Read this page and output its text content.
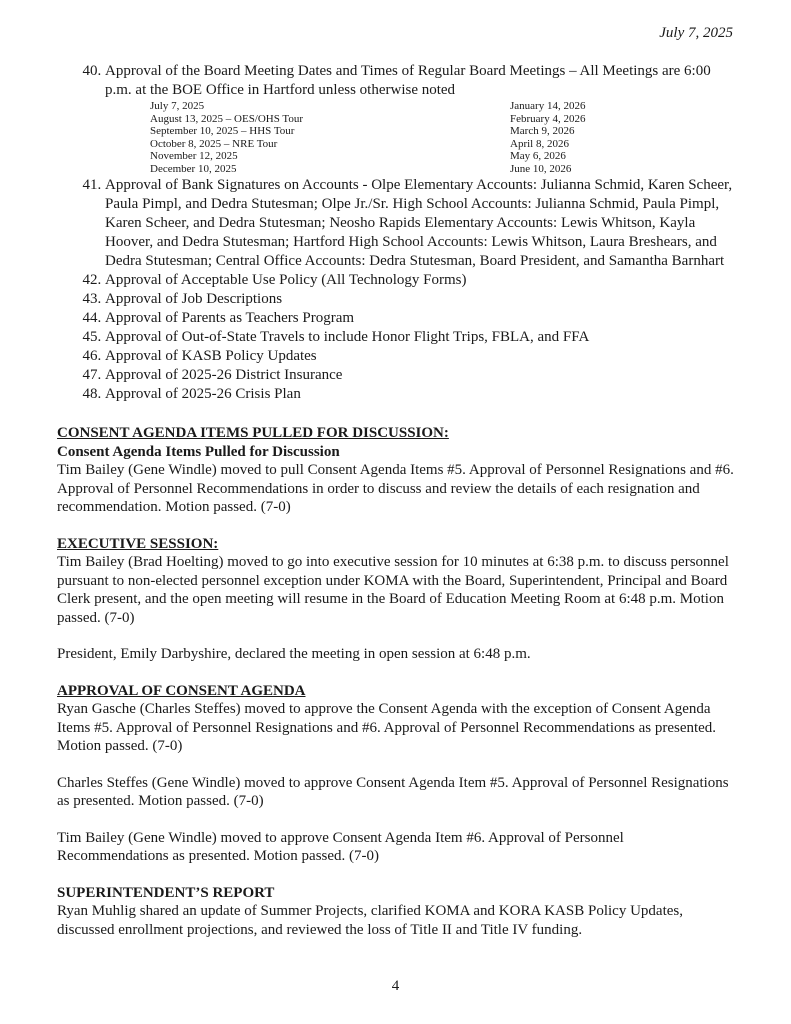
July 7, 2025
40. Approval of the Board Meeting Dates and Times of Regular Board Meetings – All Meetings are 6:00 p.m. at the BOE Office in Hartford unless otherwise noted
July 7, 2025
August 13, 2025 – OES/OHS Tour
September 10, 2025 – HHS Tour
October 8, 2025 – NRE Tour
November 12, 2025
December 10, 2025
January 14, 2026
February 4, 2026
March 9, 2026
April 8, 2026
May 6, 2026
June 10, 2026
41. Approval of Bank Signatures on Accounts - Olpe Elementary Accounts: Julianna Schmid, Karen Scheer, Paula Pimpl, and Dedra Stutesman; Olpe Jr./Sr. High School Accounts: Julianna Schmid, Paula Pimpl, Karen Scheer, and Dedra Stutesman; Neosho Rapids Elementary Accounts: Lewis Whitson, Kayla Hoover, and Dedra Stutesman; Hartford High School Accounts: Lewis Whitson, Laura Breshears, and Dedra Stutesman; Central Office Accounts: Dedra Stutesman, Board President, and Samantha Barnhart
42. Approval of Acceptable Use Policy (All Technology Forms)
43. Approval of Job Descriptions
44. Approval of Parents as Teachers Program
45. Approval of Out-of-State Travels to include Honor Flight Trips, FBLA, and FFA
46. Approval of KASB Policy Updates
47. Approval of 2025-26 District Insurance
48. Approval of 2025-26 Crisis Plan
CONSENT AGENDA ITEMS PULLED FOR DISCUSSION:
Consent Agenda Items Pulled for Discussion

Tim Bailey (Gene Windle) moved to pull Consent Agenda Items #5. Approval of Personnel Resignations and #6. Approval of Personnel Recommendations in order to discuss and review the details of each resignation and recommendation. Motion passed. (7-0)

EXECUTIVE SESSION:

Tim Bailey (Brad Hoelting) moved to go into executive session for 10 minutes at 6:38 p.m. to discuss personnel pursuant to non-elected personnel exception under KOMA with the Board, Superintendent, Principal and Board Clerk present, and the open meeting will resume in the Board of Education Meeting Room at 6:48 p.m. Motion passed. (7-0)

President, Emily Darbyshire, declared the meeting in open session at 6:48 p.m.

APPROVAL OF CONSENT AGENDA

Ryan Gasche (Charles Steffes) moved to approve the Consent Agenda with the exception of Consent Agenda Items #5. Approval of Personnel Resignations and #6. Approval of Personnel Recommendations as presented. Motion passed. (7-0)

Charles Steffes (Gene Windle) moved to approve Consent Agenda Item #5. Approval of Personnel Resignations as presented. Motion passed. (7-0)

Tim Bailey (Gene Windle) moved to approve Consent Agenda Item #6. Approval of Personnel Recommendations as presented. Motion passed. (7-0)

SUPERINTENDENT’S REPORT

Ryan Muhlig shared an update of Summer Projects, clarified KOMA and KORA KASB Policy Updates, discussed enrollment projections, and reviewed the loss of Title II and Title IV funding.

4
